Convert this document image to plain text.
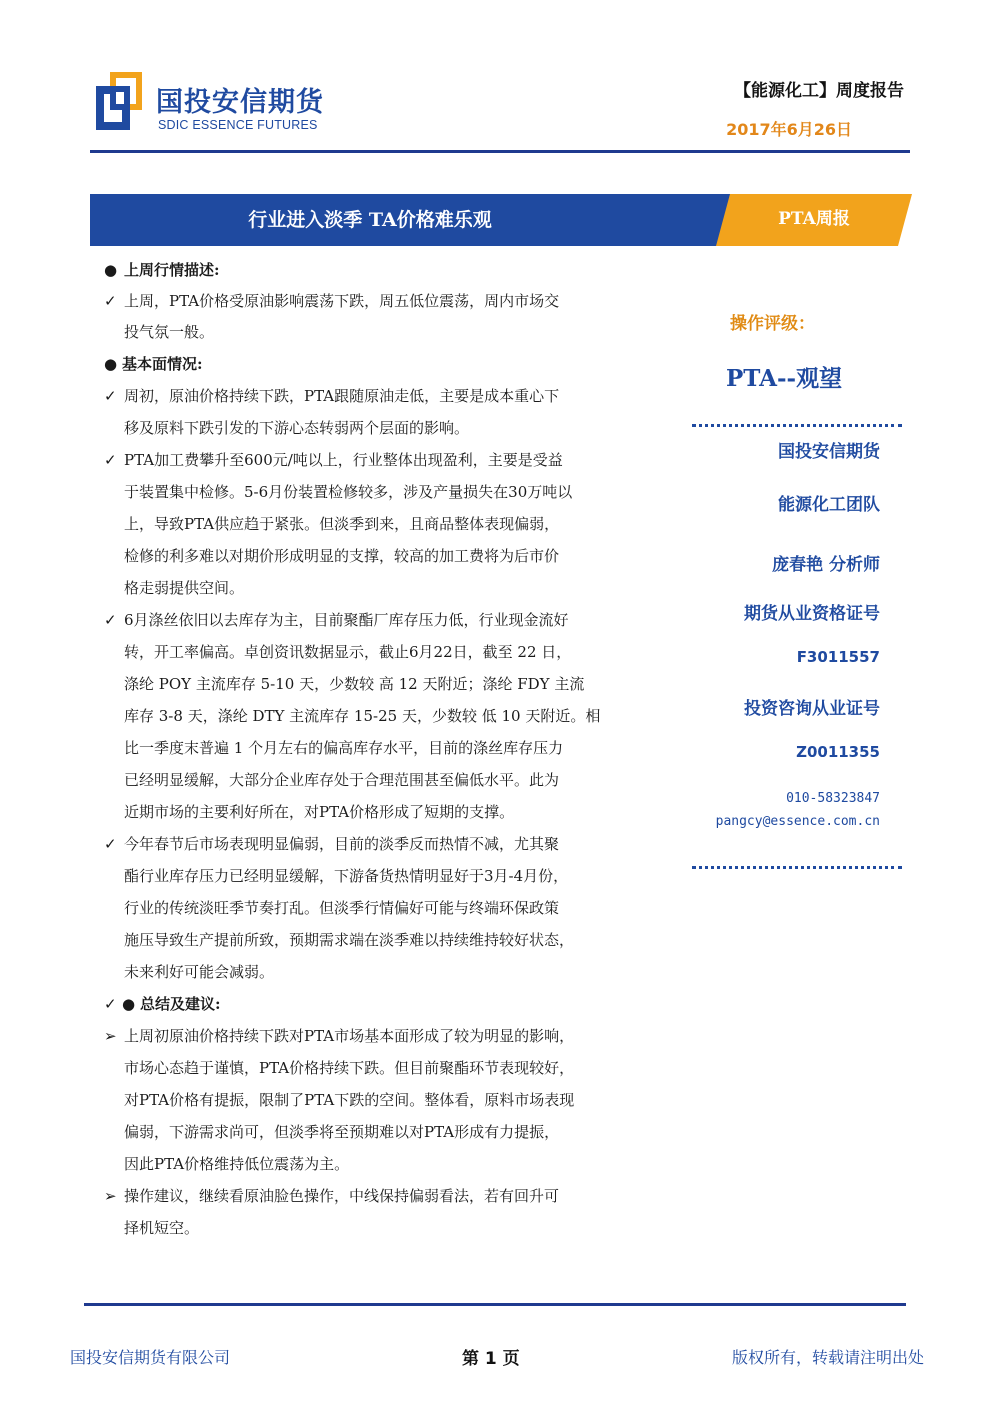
国投安信期货
SDIC ESSENCE FUTURES
【能源化工】周度报告
2017年6月26日
行业进入淡季 TA价格难乐观	PTA周报
● 上周行情描述:
✓ 上周，PTA价格受原油影响震荡下跌，周五低位震荡，周内市场交
投气氛一般。
● 基本面情况:
✓ 周初，原油价格持续下跌，PTA跟随原油走低，主要是成本重心下
移及原料下跌引发的下游心态转弱两个层面的影响。
✓ PTA加工费攀升至600元/吨以上，行业整体出现盈利，主要是受益
于装置集中检修。5-6月份装置检修较多，涉及产量损失在30万吨以
上，导致PTA供应趋于紧张。但淡季到来，且商品整体表现偏弱，
检修的利多难以对期价形成明显的支撑，较高的加工费将为后市价
格走弱提供空间。
✓ 6月涤丝依旧以去库存为主，目前聚酯厂库存压力低，行业现金流好
转，开工率偏高。卓创资讯数据显示，截止6月22日，截至 22 日，
涤纶 POY 主流库存 5-10 天，少数较 高 12 天附近；涤纶 FDY 主流
库存 3-8 天，涤纶 DTY 主流库存 15-25 天，少数较 低 10 天附近。相
比一季度末普遍 1 个月左右的偏高库存水平，目前的涤丝库存压力
已经明显缓解，大部分企业库存处于合理范围甚至偏低水平。此为
近期市场的主要利好所在，对PTA价格形成了短期的支撑。
✓ 今年春节后市场表现明显偏弱，目前的淡季反而热情不减，尤其聚
酯行业库存压力已经明显缓解，下游备货热情明显好于3月-4月份，
行业的传统淡旺季节奏打乱。但淡季行情偏好可能与终端环保政策
施压导致生产提前所致，预期需求端在淡季难以持续维持较好状态，
未来利好可能会减弱。
✓ ● 总结及建议:
➢ 上周初原油价格持续下跌对PTA市场基本面形成了较为明显的影响，
市场心态趋于谨慎，PTA价格持续下跌。但目前聚酯环节表现较好，
对PTA价格有提振，限制了PTA下跌的空间。整体看，原料市场表现
偏弱，下游需求尚可，但淡季将至预期难以对PTA形成有力提振，
因此PTA价格维持低位震荡为主。
➢ 操作建议，继续看原油脸色操作，中线保持偏弱看法，若有回升可
择机短空。
操作评级：
PTA--观望
国投安信期货
能源化工团队
庞春艳 分析师
期货从业资格证号
F3011557
投资咨询从业证号
Z0011355
010-58323847
pangcy@essence.com.cn
国投安信期货有限公司	第 1 页	版权所有，转载请注明出处
